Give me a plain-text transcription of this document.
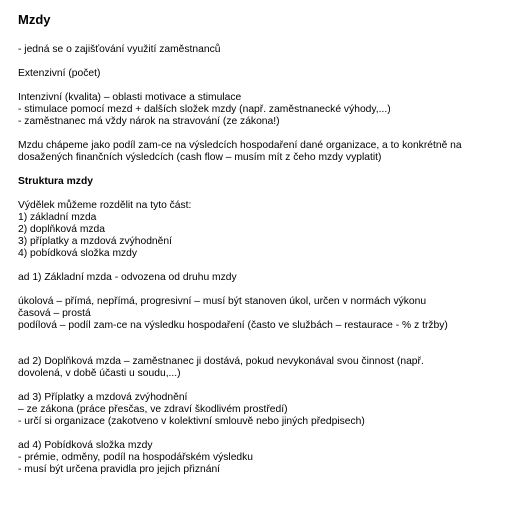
Mzdy

- jedná se o zajišťování využití zaměstnanců

Extenzivní (počet)

Intenzivní (kvalita) – oblasti motivace a stimulace

- stimulace pomocí mezd + dalších složek mzdy (např. zaměstnanecké výhody,...)

- zaměstnanec má vždy nárok na stravování (ze zákona!)

Mzdu chápeme jako podíl zam-ce na výsledcích hospodaření dané organizace, a to konkrétně na

dosažených finančních výsledcích (cash flow – musím mít z čeho mzdy vyplatit)

Struktura mzdy

Výdělek můžeme rozdělit na tyto část:

1) základní mzda

2) doplňková mzda

3) příplatky a mzdová zvýhodnění

4) pobídková složka mzdy

ad 1) Základní mzda - odvozena od druhu mzdy

úkolová – přímá, nepřímá, progresivní – musí být stanoven úkol, určen v normách výkonu

časová – prostá

podílová – podíl zam-ce na výsledku hospodaření (často ve službách – restaurace - % z tržby)

ad 2) Doplňková mzda – zaměstnanec ji dostává, pokud nevykonával svou činnost (např.

dovolená, v době účasti u soudu,...)

ad 3) Příplatky a mzdová zvýhodnění

– ze zákona (práce přesčas, ve zdraví škodlivém prostředí)

- určí si organizace (zakotveno v kolektivní smlouvě nebo jiných předpisech)

ad 4) Pobídková složka mzdy

- prémie, odměny, podíl na hospodářském výsledku

- musí být určena pravidla pro jejich přiznání
